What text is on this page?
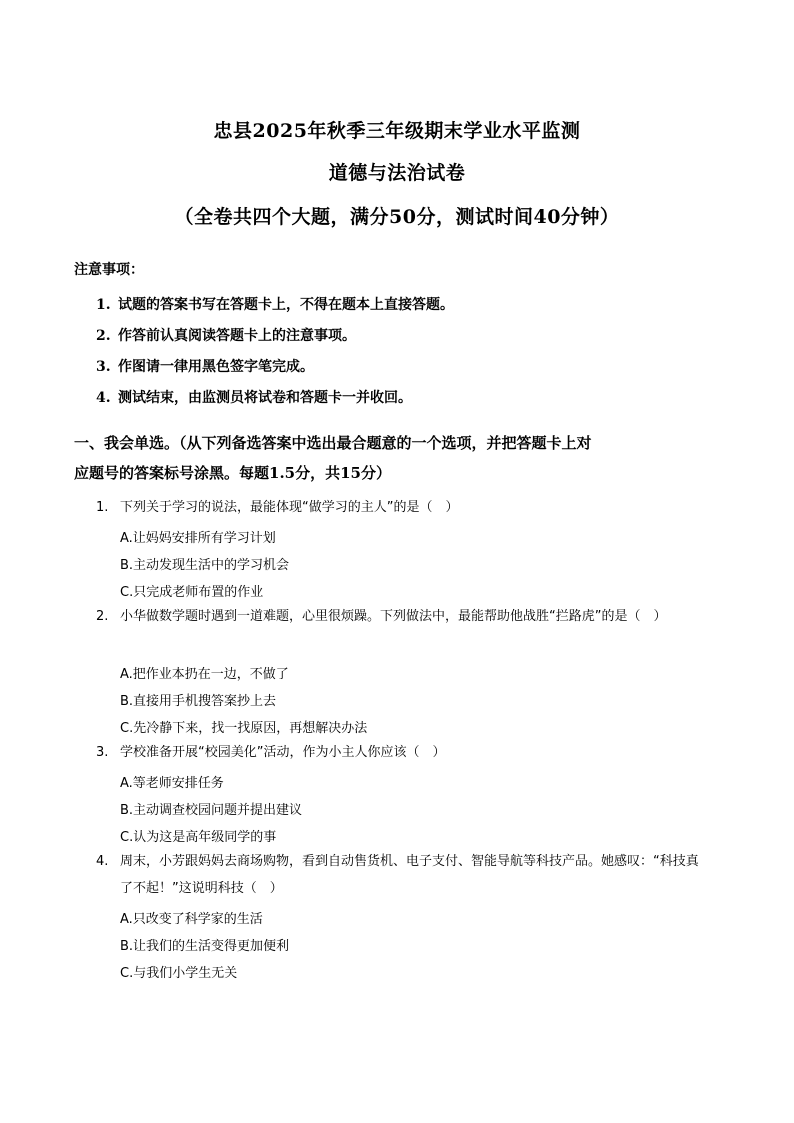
忠县2025年秋季三年级期末学业水平监测
道德与法治试卷
（全卷共四个大题，满分50分，测试时间40分钟）
注意事项：
1. 试题的答案书写在答题卡上，不得在题本上直接答题。
2. 作答前认真阅读答题卡上的注意事项。
3. 作图请一律用黑色签字笔完成。
4. 测试结束，由监测员将试卷和答题卡一并收回。
一、我会单选。（从下列备选答案中选出最合题意的一个选项，并把答题卡上对
应题号的答案标号涂黑。每题1.5分，共15分）
1. 下列关于学习的说法，最能体现“做学习的主人”的是（　）
A.让妈妈安排所有学习计划
B.主动发现生活中的学习机会
C.只完成老师布置的作业
2. 小华做数学题时遇到一道难题，心里很烦躁。下列做法中，最能帮助他战胜“拦路虎”的是（　）
A.把作业本扔在一边，不做了
B.直接用手机搜答案抄上去
C.先冷静下来，找一找原因，再想解决办法
3. 学校准备开展“校园美化”活动，作为小主人你应该（　）
A.等老师安排任务
B.主动调查校园问题并提出建议
C.认为这是高年级同学的事
4. 周末，小芳跟妈妈去商场购物，看到自动售货机、电子支付、智能导航等科技产品。她感叹：“科技真了不起！”这说明科技（　）
A.只改变了科学家的生活
B.让我们的生活变得更加便利
C.与我们小学生无关
